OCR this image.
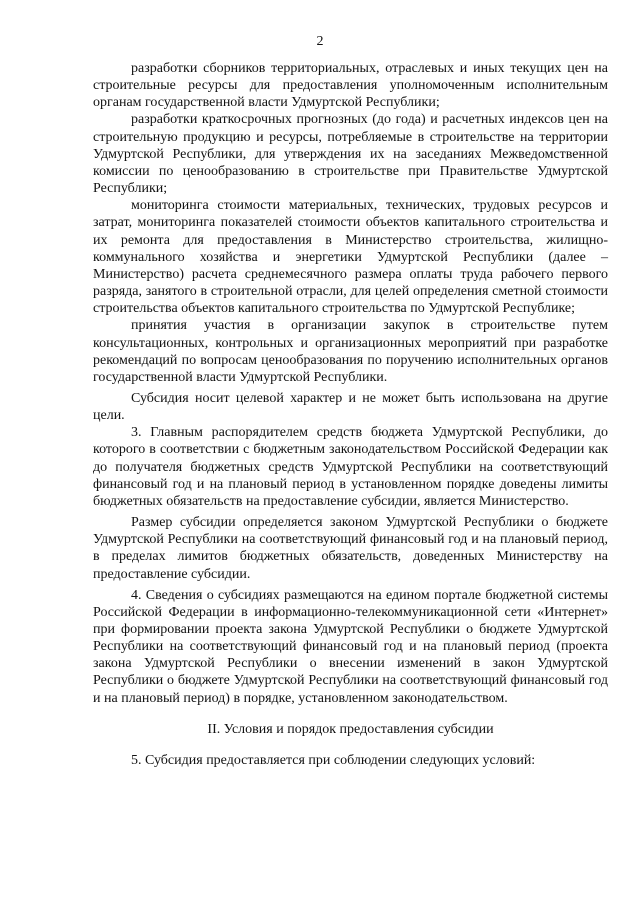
2

разработки сборников территориальных, отраслевых и иных текущих цен на строительные ресурсы для предоставления уполномоченным исполнительным органам государственной власти Удмуртской Республики;

разработки краткосрочных прогнозных (до года) и расчетных индексов цен на строительную продукцию и ресурсы, потребляемые в строительстве на территории Удмуртской Республики, для утверждения их на заседаниях Межведомственной комиссии по ценообразованию в строительстве при Правительстве Удмуртской Республики;

мониторинга стоимости материальных, технических, трудовых ресурсов и затрат, мониторинга показателей стоимости объектов капитального строительства и их ремонта для предоставления в Министерство строительства, жилищно-коммунального хозяйства и энергетики Удмуртской Республики (далее – Министерство) расчета среднемесячного размера оплаты труда рабочего первого разряда, занятого в строительной отрасли, для целей определения сметной стоимости строительства объектов капитального строительства по Удмуртской Республике;

принятия участия в организации закупок в строительстве путем консультационных, контрольных и организационных мероприятий при разработке рекомендаций по вопросам ценообразования по поручению исполнительных органов государственной власти Удмуртской Республики.

Субсидия носит целевой характер и не может быть использована на другие цели.

3. Главным распорядителем средств бюджета Удмуртской Республики, до которого в соответствии с бюджетным законодательством Российской Федерации как до получателя бюджетных средств Удмуртской Республики на соответствующий финансовый год и на плановый период в установленном порядке доведены лимиты бюджетных обязательств на предоставление субсидии, является Министерство.

Размер субсидии определяется законом Удмуртской Республики о бюджете Удмуртской Республики на соответствующий финансовый год и на плановый период, в пределах лимитов бюджетных обязательств, доведенных Министерству на предоставление субсидии.

4. Сведения о субсидиях размещаются на едином портале бюджетной системы Российской Федерации в информационно-телекоммуникационной сети «Интернет» при формировании проекта закона Удмуртской Республики о бюджете Удмуртской Республики на соответствующий финансовый год и на плановый период (проекта закона Удмуртской Республики о внесении изменений в закон Удмуртской Республики о бюджете Удмуртской Республики на соответствующий финансовый год и на плановый период) в порядке, установленном законодательством.

II. Условия и порядок предоставления субсидии

5. Субсидия предоставляется при соблюдении следующих условий:
